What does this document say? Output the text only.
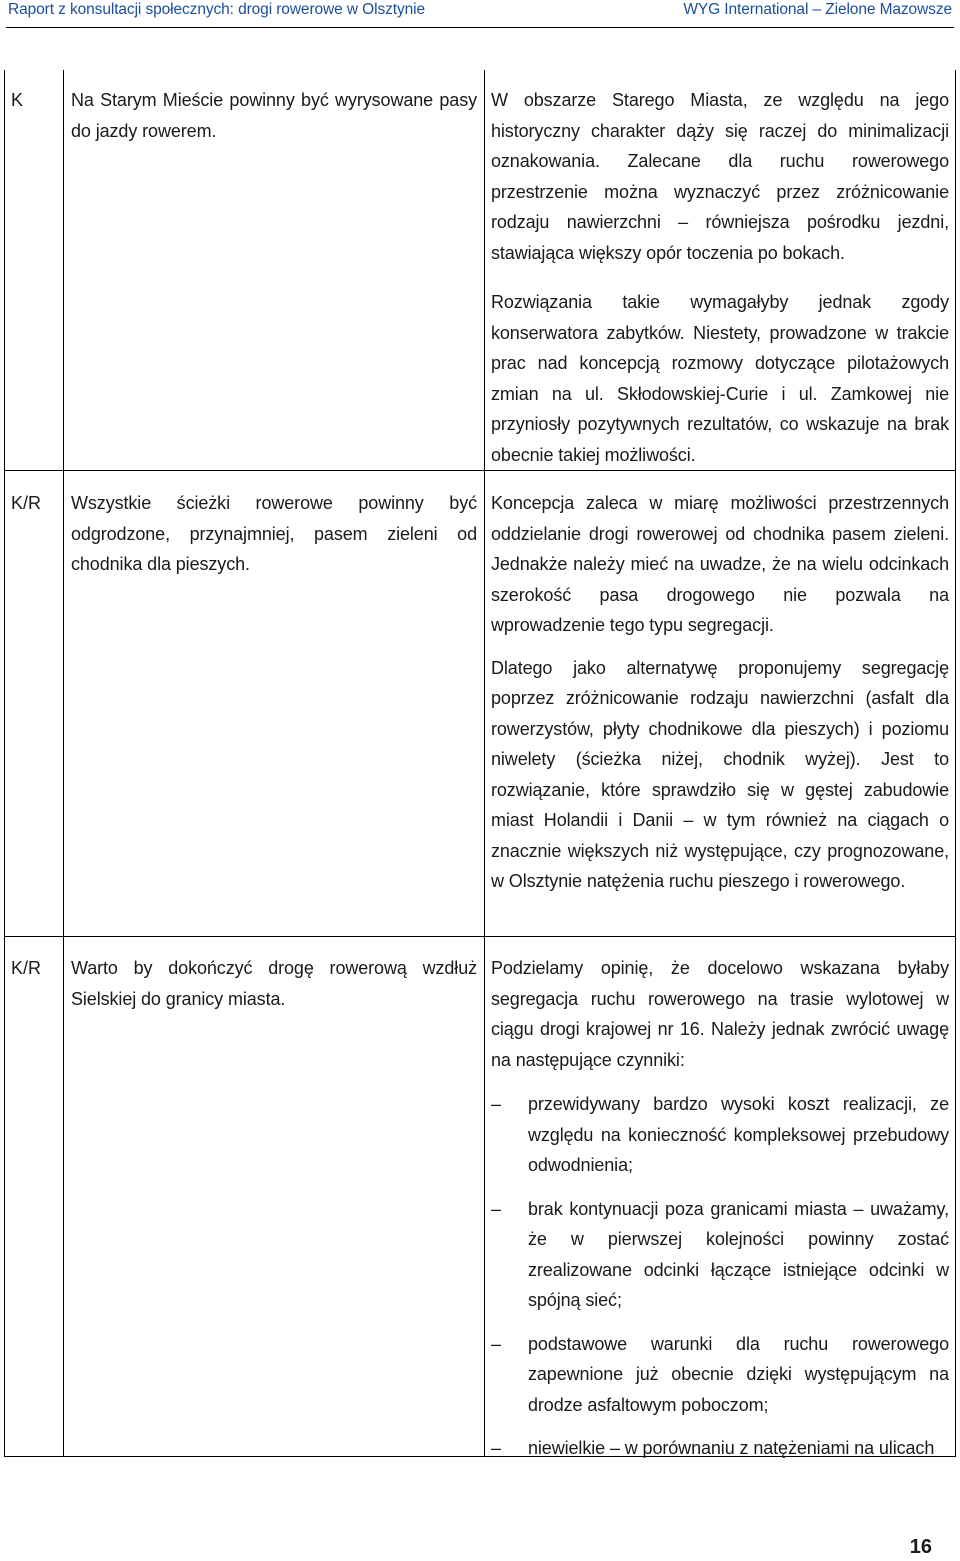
Raport z konsultacji społecznych: drogi rowerowe w Olsztynie	WYG International – Zielone Mazowsze
K	Na Starym Mieście powinny być wyrysowane pasy do jazdy rowerem.

W obszarze Starego Miasta, ze względu na jego historyczny charakter dąży się raczej do minimalizacji oznakowania. Zalecane dla ruchu rowerowego przestrzenie można wyznaczyć przez zróżnicowanie rodzaju nawierzchni – równiejsza pośrodku jezdni, stawiająca większy opór toczenia po bokach.

Rozwiązania takie wymagałyby jednak zgody konserwatora zabytków. Niestety, prowadzone w trakcie prac nad koncepcją rozmowy dotyczące pilotażowych zmian na ul. Skłodowskiej-Curie i ul. Zamkowej nie przyniosły pozytywnych rezultatów, co wskazuje na brak obecnie takiej możliwości.

K/R Wszystkie ścieżki rowerowe powinny być odgrodzone, przynajmniej, pasem zieleni od chodnika dla pieszych.

Koncepcja zaleca w miarę możliwości przestrzennych oddzielanie drogi rowerowej od chodnika pasem zieleni. Jednakże należy mieć na uwadze, że na wielu odcinkach szerokość pasa drogowego nie pozwala na wprowadzenie tego typu segregacji.

Dlatego jako alternatywę proponujemy segregację poprzez zróżnicowanie rodzaju nawierzchni (asfalt dla rowerzystów, płyty chodnikowe dla pieszych) i poziomu niwelety (ścieżka niżej, chodnik wyżej). Jest to rozwiązanie, które sprawdziło się w gęstej zabudowie miast Holandii i Danii – w tym również na ciągach o znacznie większych niż występujące, czy prognozowane, w Olsztynie natężenia ruchu pieszego i rowerowego.

K/R Warto by dokończyć drogę rowerową wzdłuż Sielskiej do granicy miasta.

Podzielamy opinię, że docelowo wskazana byłaby segregacja ruchu rowerowego na trasie wylotowej w ciągu drogi krajowej nr 16. Należy jednak zwrócić uwagę na następujące czynniki:

– przewidywany bardzo wysoki koszt realizacji, ze względu na konieczność kompleksowej przebudowy odwodnienia;
– brak kontynuacji poza granicami miasta – uważamy, że w pierwszej kolejności powinny zostać zrealizowane odcinki łączące istniejące odcinki w spójną sieć;
– podstawowe warunki dla ruchu rowerowego zapewnione już obecnie dzięki występującym na drodze asfaltowym poboczom;
– niewielkie – w porównaniu z natężeniami na ulicach
16
